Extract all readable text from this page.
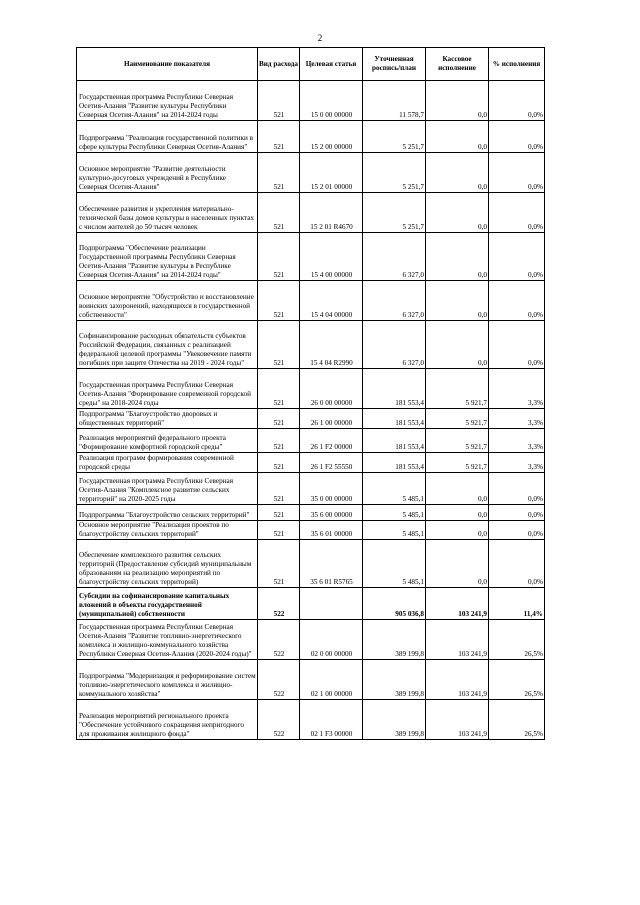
2
Наименование показателя	Вид расхода	Целевая статья	Уточненная роспись/план	Кассовое исполнение	% исполнения
Государственная программа Республики Северная Осетия-Алания "Развитие культуры Республики Северная Осетия-Алания" на 2014-2024 годы	521	15 0 00 00000	11 578,7	0,0	0,0%
Подпрограмма "Реализация государственной политики в сфере культуры Республики Северная Осетия-Алания"	521	15 2 00 00000	5 251,7	0,0	0,0%
Основное мероприятие "Развитие деятельности культурно-досуговых учреждений в Республике Северная Осетия-Алания"	521	15 2 01 00000	5 251,7	0,0	0,0%
Обеспечение развития и укрепления материально-технической базы домов культуры в населенных пунктах с числом жителей до 50 тысяч человек	521	15 2 01 R4670	5 251,7	0,0	0,0%
Подпрограмма "Обеспечение реализации Государственной программы Республики Северная Осетия-Алания "Развитие культуры в Республике Северная Осетия-Алания" на 2014-2024 годы"	521	15 4 00 00000	6 327,0	0,0	0,0%
Основное мероприятие "Обустройство и восстановление воинских захоронений, находящихся в государственной собственности"	521	15 4 04 00000	6 327,0	0,0	0,0%
Софинансирование расходных обязательств субъектов Российской Федерации, связанных с реализацией федеральной целевой программы "Увековечение памяти погибших при защите Отечества на 2019 - 2024 годы"	521	15 4 04 R2990	6 327,0	0,0	0,0%
Государственная программа Республики Северная Осетия-Алания "Формирование современной городской среды" на 2018-2024 годы	521	26 0 00 00000	181 553,4	5 921,7	3,3%
Подпрограмма "Благоустройство дворовых и общественных территорий"	521	26 1 00 00000	181 553,4	5 921,7	3,3%
Реализация мероприятий федерального проекта "Формирование комфортной городской среды"	521	26 1 F2 00000	181 553,4	5 921,7	3,3%
Реализация программ формирования современной городской среды	521	26 1 F2 55550	181 553,4	5 921,7	3,3%
Государственная программа Республики Северная Осетия-Алания "Комплексное развитие сельских территорий" на 2020-2025 годы	521	35 0 00 00000	5 485,1	0,0	0,0%
Подпрограмма "Благоустройство сельских территорий"	521	35 6 00 00000	5 485,1	0,0	0,0%
Основное мероприятие "Реализация проектов по благоустройству сельских территорий"	521	35 6 01 00000	5 485,1	0,0	0,0%
Обеспечение комплексного развития сельских территорий (Предоставление субсидий муниципальным образованиям на реализацию мероприятий по благоустройству сельских территорий)	521	35 6 01 R5765	5 485,1	0,0	0,0%
Субсидии на софинансирование капитальных вложений в объекты государственной (муниципальной) собственности	522		905 036,8	103 241,9	11,4%
Государственная программа Республики Северная Осетия-Алания "Развитие топливно-энергетического комплекса и жилищно-коммунального хозяйства Республики Северная Осетия-Алания (2020-2024 годы)"	522	02 0 00 00000	389 199,8	103 241,9	26,5%
Подпрограмма "Модернизация и реформирование систем топливно-энергетического комплекса и жилищно-коммунального хозяйства"	522	02 1 00 00000	389 199,8	103 241,9	26,5%
Реализация мероприятий регионального проекта "Обеспечение устойчивого сокращения непригодного для проживания жилищного фонда"	522	02 1 F3 00000	389 199,8	103 241,9	26,5%
